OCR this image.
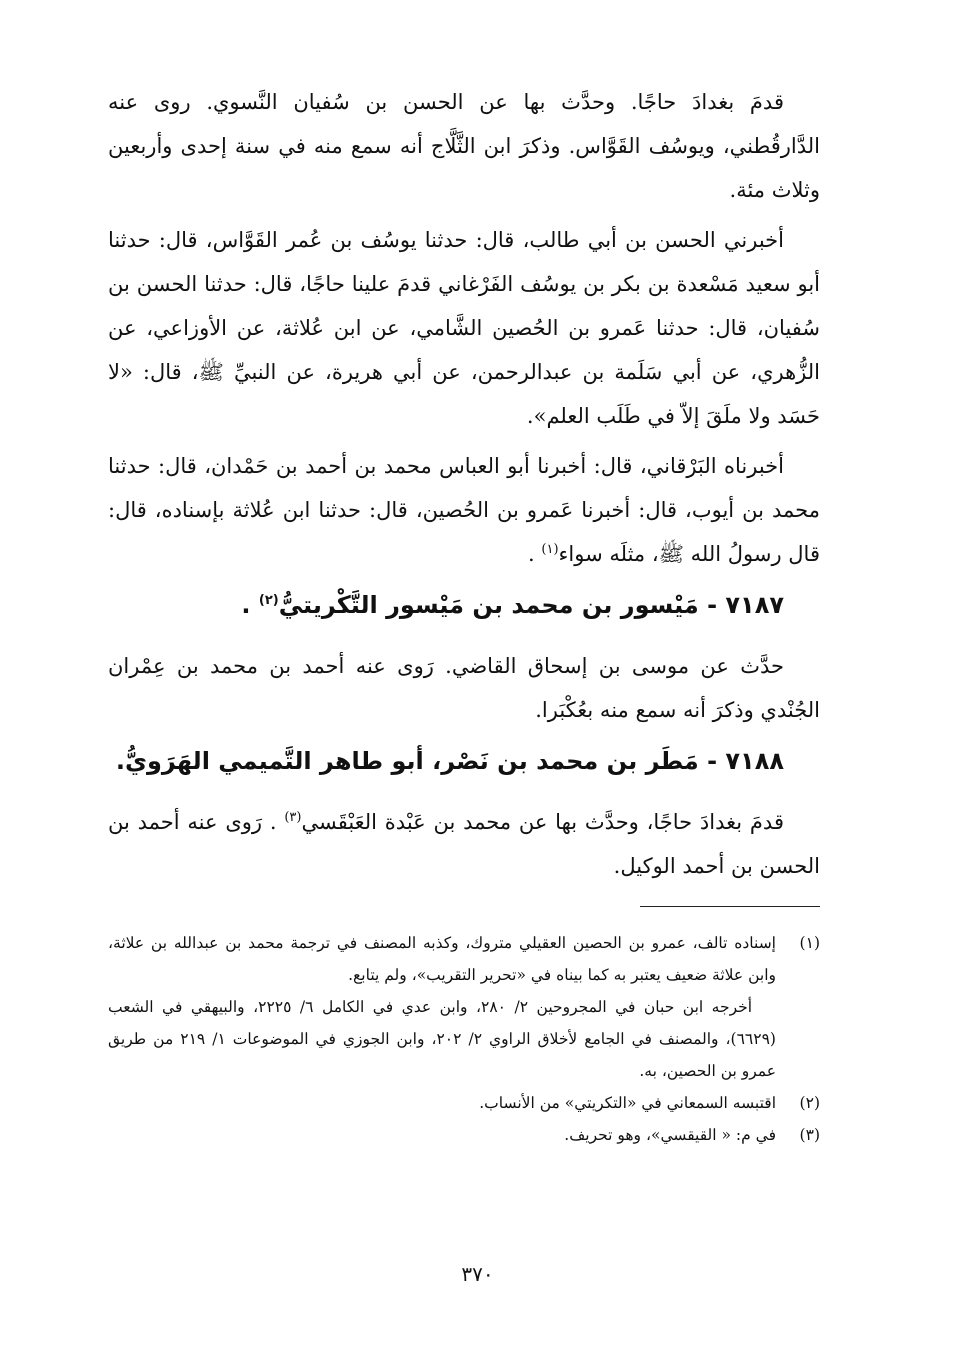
قدمَ بغدادَ حاجًا. وحدَّث بها عن الحسن بن سُفيان النَّسوي. روى عنه الدَّارقُطني، ويوسُف القَوَّاس. وذكرَ ابن الثَّلَّاج أنه سمع منه في سنة إحدى وأربعين وثلاث مئة.

أخبرني الحسن بن أبي طالب، قال: حدثنا يوسُف بن عُمر القَوَّاس، قال: حدثنا أبو سعيد مَسْعدة بن بكر بن يوسُف الفَرْغاني قدمَ علينا حاجًا، قال: حدثنا الحسن بن سُفيان، قال: حدثنا عَمرو بن الحُصين الشَّامي، عن ابن عُلاثة، عن الأوزاعي، عن الزُّهري، عن أبي سَلَمة بن عبدالرحمن، عن أبي هريرة، عن النبيِّ ﷺ، قال: «لا حَسَد ولا ملَقَ إلاّ في طَلَب العلم».

أخبرناه البَرْقاني، قال: أخبرنا أبو العباس محمد بن أحمد بن حَمْدان، قال: حدثنا محمد بن أيوب، قال: أخبرنا عَمرو بن الحُصين، قال: حدثنا ابن عُلاثة بإسناده، قال: قال رسولُ الله ﷺ، مثلَه سواء$^{(١)}$ .

٧١٨٧ - مَيْسور بن محمد بن مَيْسور التَّكْريتيُّ$^{(٢)}$ .

حدَّث عن موسى بن إسحاق القاضي. رَوى عنه أحمد بن محمد بن عِمْران الجُنْدي وذكرَ أنه سمع منه بعُكْبَرا.

٧١٨٨ - مَطَر بن محمد بن نَصْر، أبو طاهر التَّميمي الهَرَويُّ.

قدمَ بغدادَ حاجًا، وحدَّث بها عن محمد بن عَبْدة العَبْقَسي$^{(٣)}$ . رَوى عنه أحمد بن الحسن بن أحمد الوكيل.

(١)
إسناده تالف، عمرو بن الحصين العقيلي متروك، وكذبه المصنف في ترجمة محمد بن عبدالله بن علاثة، وابن علاثة ضعيف يعتبر به كما بيناه في «تحرير التقريب»، ولم يتابع.

أخرجه ابن حبان في المجروحين ٢/ ٢٨٠، وابن عدي في الكامل ٦/ ٢٢٢٥، والبيهقي في الشعب (٦٦٢٩)، والمصنف في الجامع لأخلاق الراوي ٢/ ٢٠٢، وابن الجوزي في الموضوعات ١/ ٢١٩ من طريق عمرو بن الحصين، به.

(٢)
اقتبسه السمعاني في «التكريتي» من الأنساب.
(٣)
في م: « القيقسي»، وهو تحريف.
٣٧٠
